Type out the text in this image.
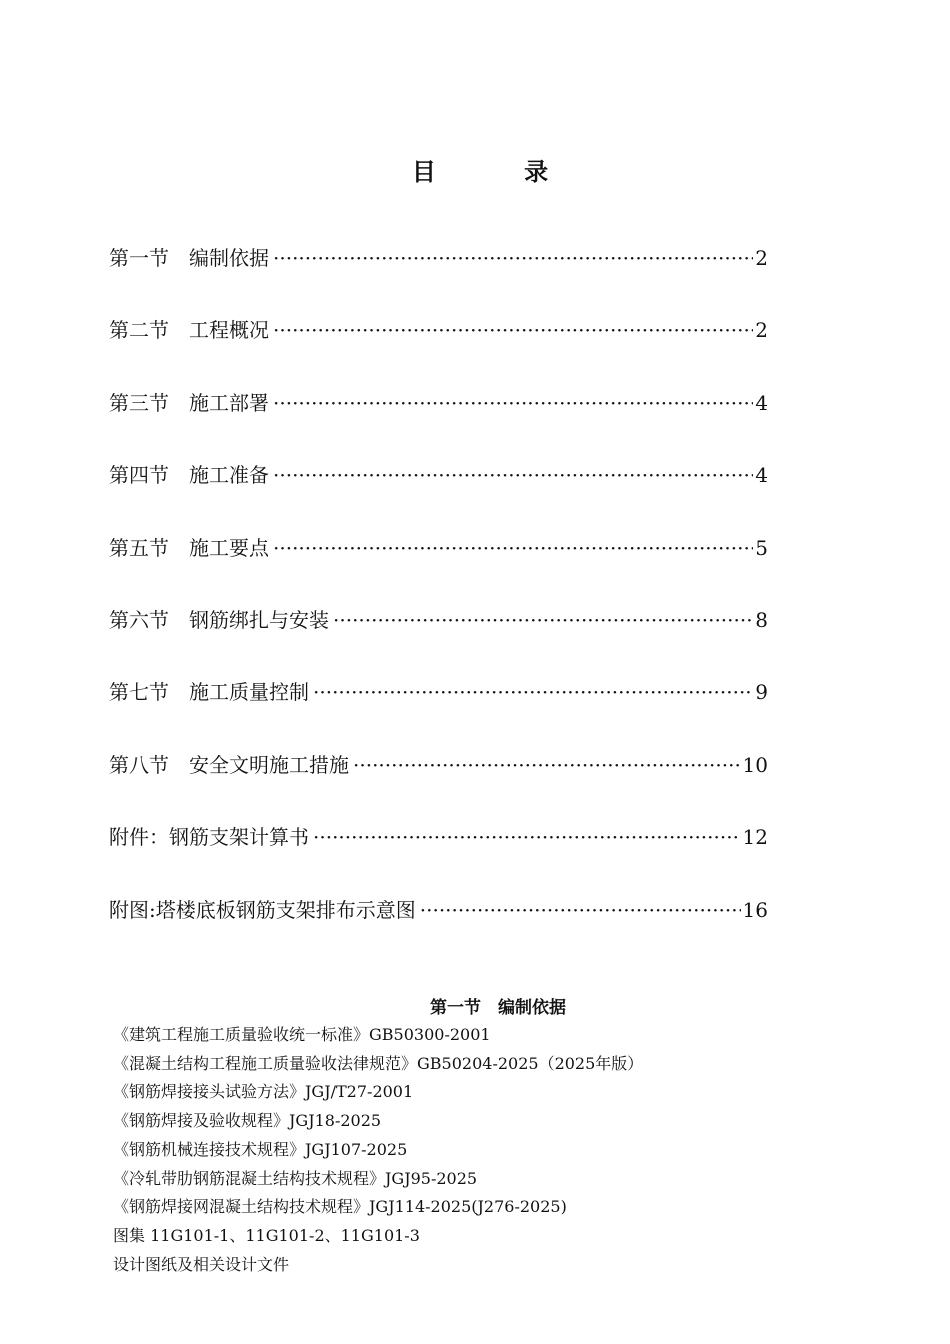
目 录
第一节　编制依据 ·····	2
第二节　工程概况 ·····	2
第三节　施工部署 ·····	4
第四节　施工准备 ·····	4
第五节　施工要点 ·····	5
第六节　钢筋绑扎与安装 ·····	8
第七节　施工质量控制 ·····	9
第八节　安全文明施工措施 ·····	10
附件：钢筋支架计算书 ·····	12
附图:塔楼底板钢筋支架排布示意图 ·····	16
第一节　编制依据
《建筑工程施工质量验收统一标准》GB50300-2001
《混凝土结构工程施工质量验收法律规范》GB50204-2025（2025年版）
《钢筋焊接接头试验方法》JGJ/T27-2001
《钢筋焊接及验收规程》JGJ18-2025
《钢筋机械连接技术规程》JGJ107-2025
《冷轧带肋钢筋混凝土结构技术规程》JGJ95-2025
《钢筋焊接网混凝土结构技术规程》JGJ114-2025(J276-2025)
图集 11G101-1、11G101-2、11G101-3
设计图纸及相关设计文件
